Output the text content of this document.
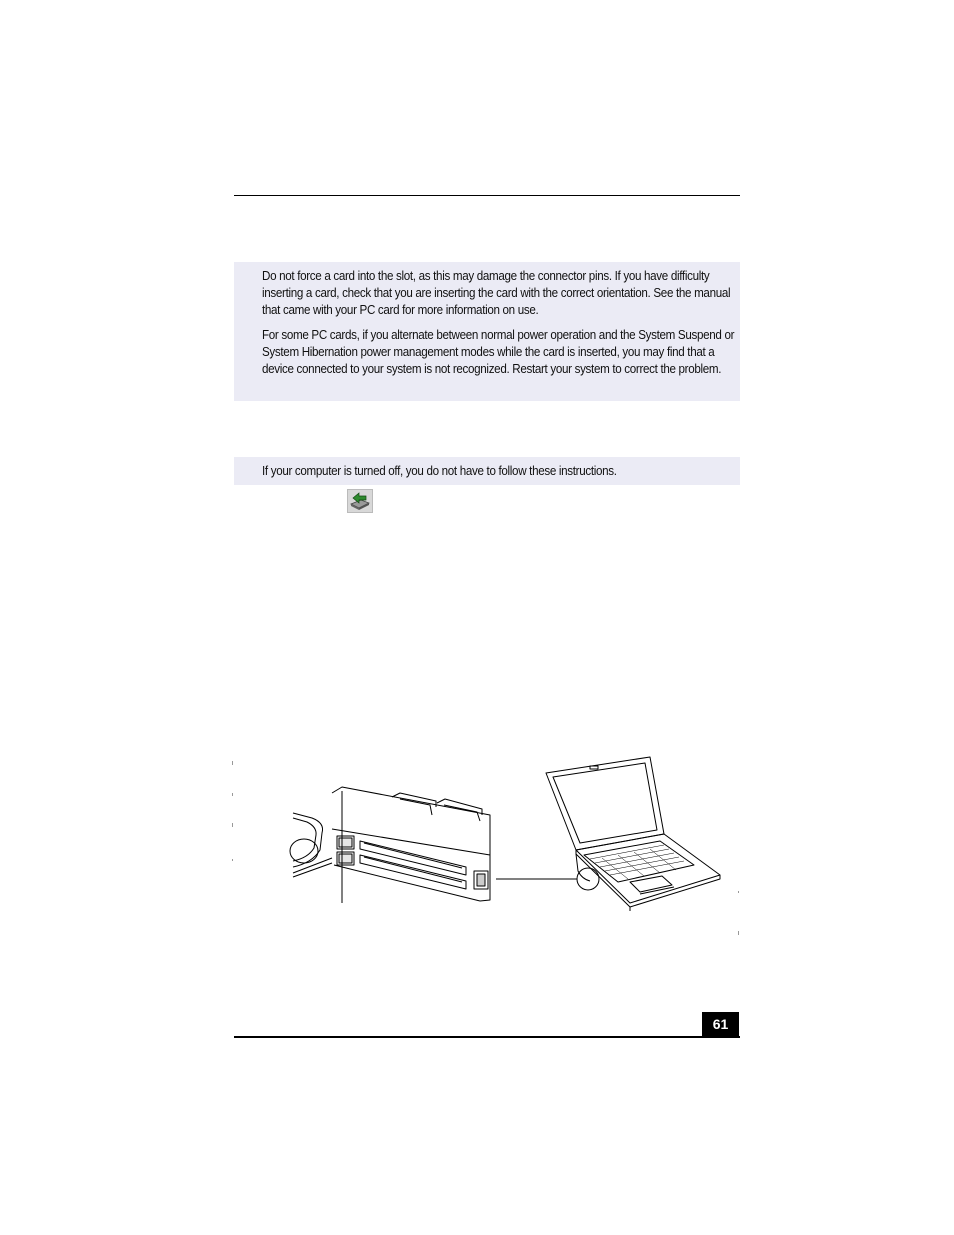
Do not force a card into the slot, as this may damage the connector pins. If you have difficulty inserting a card, check that you are inserting the card with the correct orientation. See the manual that came with your PC card for more information on use.

For some PC cards, if you alternate between normal power operation and the System Suspend or System Hibernation power management modes while the card is inserted, you may find that a device connected to your system is not recognized. Restart your system to correct the problem.

If your computer is turned off, you do not have to follow these instructions.

61
